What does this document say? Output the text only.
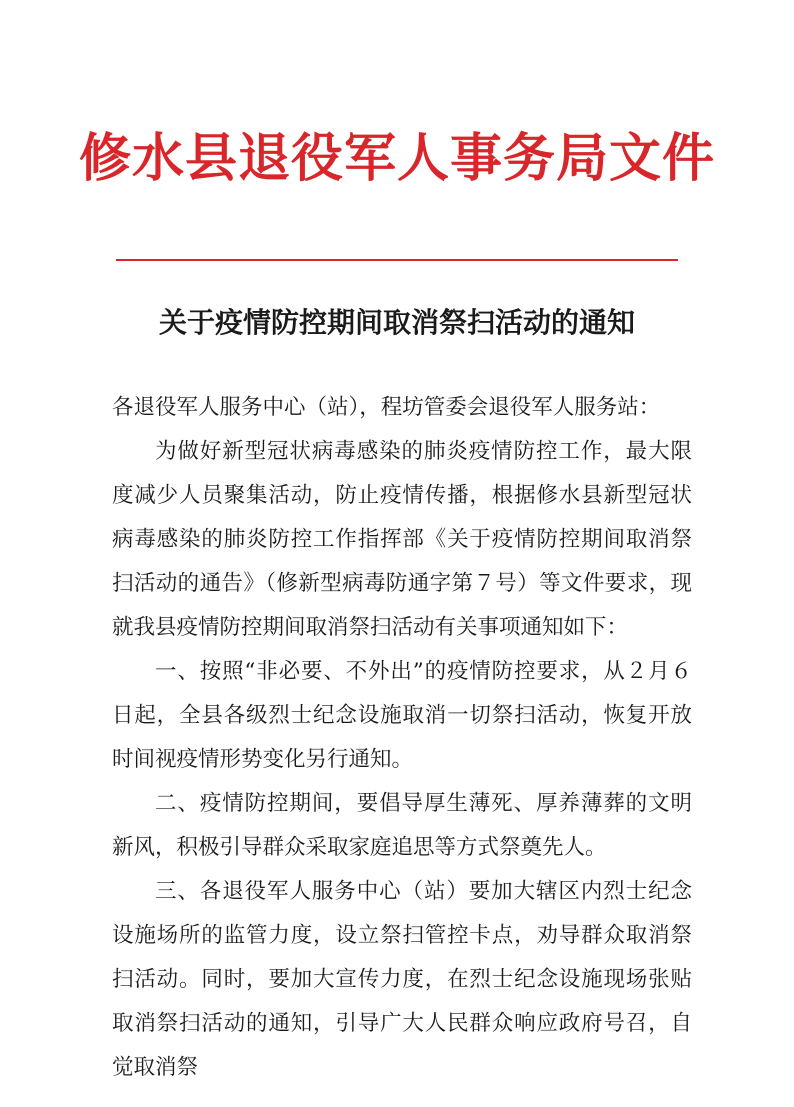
修水县退役军人事务局文件
关于疫情防控期间取消祭扫活动的通知

各退役军人服务中心（站），程坊管委会退役军人服务站：

为做好新型冠状病毒感染的肺炎疫情防控工作，最大限度减少人员聚集活动，防止疫情传播，根据修水县新型冠状病毒感染的肺炎防控工作指挥部《关于疫情防控期间取消祭扫活动的通告》（修新型病毒防通字第７号）等文件要求，现就我县疫情防控期间取消祭扫活动有关事项通知如下：

一、按照“非必要、不外出”的疫情防控要求，从２月６日起，全县各级烈士纪念设施取消一切祭扫活动，恢复开放时间视疫情形势变化另行通知。

二、疫情防控期间，要倡导厚生薄死、厚养薄葬的文明新风，积极引导群众采取家庭追思等方式祭奠先人。

三、各退役军人服务中心（站）要加大辖区内烈士纪念设施场所的监管力度，设立祭扫管控卡点，劝导群众取消祭扫活动。同时，要加大宣传力度，在烈士纪念设施现场张贴取消祭扫活动的通知，引导广大人民群众响应政府号召，自觉取消祭
